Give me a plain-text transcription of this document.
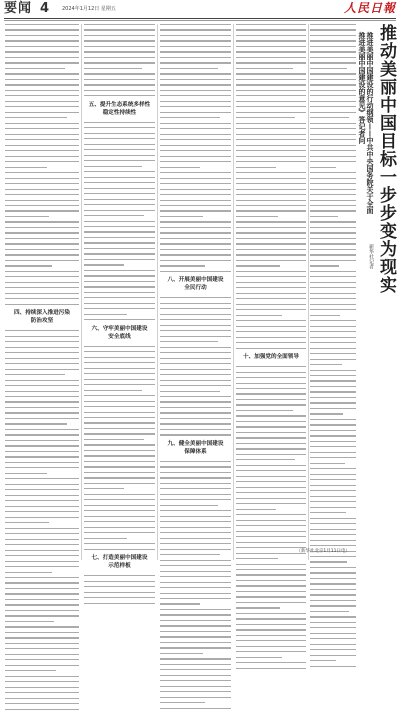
要闻 4	2024年1月12日 星期五	人民日報
四、持续深入推进污染
防治攻坚
五、提升生态系统多样性
稳定性持续性
六、守牢美丽中国建设
安全底线
七、打造美丽中国建设
示范样板
八、开展美丽中国建设
全民行动
九、健全美丽中国建设
保障体系
十、加强党的全面领导
推动美丽中国目标一步步变为现实
推进美丽中国建设的行动纲领——中共中央国务院关于全面
推进美丽中国建设的意见》答记者问
新华社记者
（新华社北京1月11日电）
